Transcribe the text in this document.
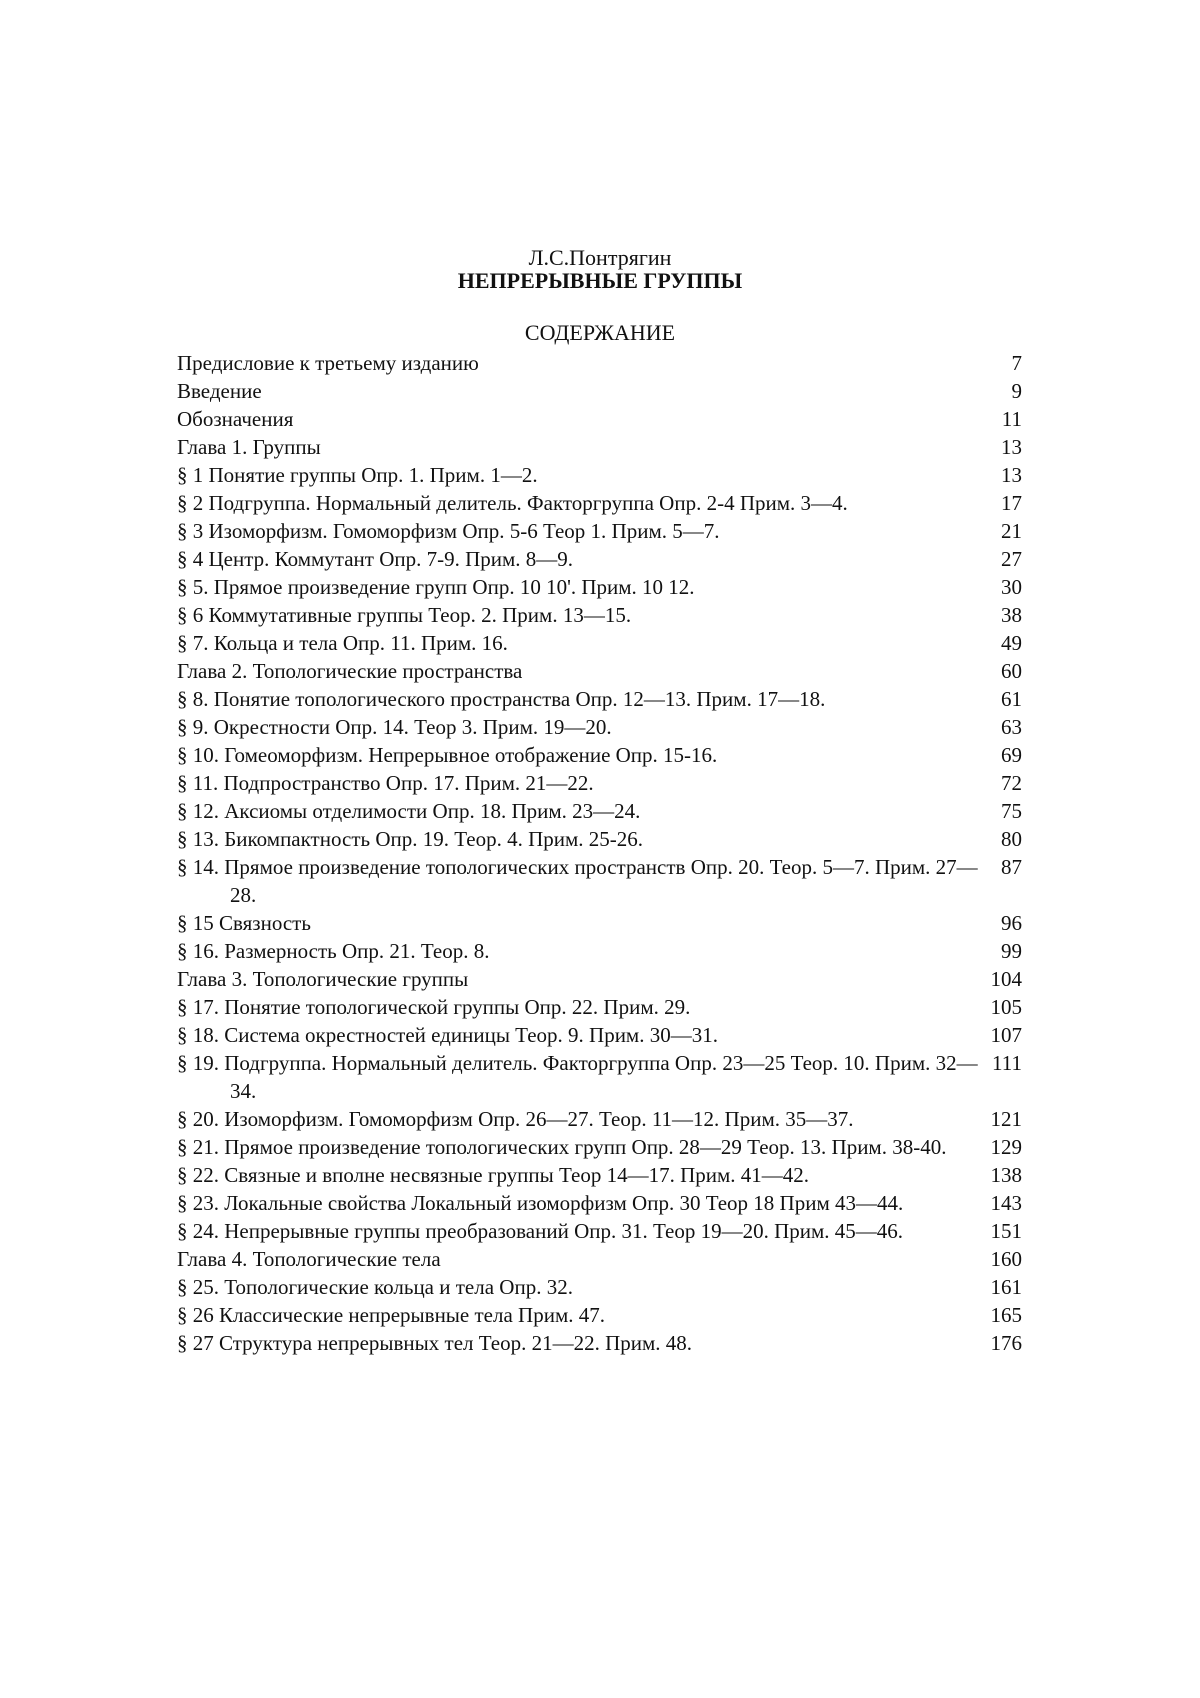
Л.С.Понтрягин
НЕПРЕРЫВНЫЕ ГРУППЫ
СОДЕРЖАНИЕ
Предисловие к третьему изданию	7
Введение	9
Обозначения	11
Глава 1. Группы	13
§ 1 Понятие группы Опр. 1. Прим. 1—2.	13
§ 2 Подгруппа. Нормальный делитель. Факторгруппа Опр. 2-4 Прим. 3—4.	17
§ 3 Изоморфизм. Гомоморфизм Опр. 5-6 Теор 1. Прим. 5—7.	21
§ 4 Центр. Коммутант Опр. 7-9. Прим. 8—9.	27
§ 5. Прямое произведение групп Опр. 10 10'. Прим. 10 12.	30
§ 6 Коммутативные группы Теор. 2. Прим. 13—15.	38
§ 7. Кольца и тела Опр. 11. Прим. 16.	49
Глава 2. Топологические пространства	60
§ 8. Понятие топологического пространства Опр. 12—13. Прим. 17—18.	61
§ 9. Окрестности Опр. 14. Теор 3. Прим. 19—20.	63
§ 10. Гомеоморфизм. Непрерывное отображение Опр. 15-16.	69
§ 11. Подпространство Опр. 17. Прим. 21—22.	72
§ 12. Аксиомы отделимости Опр. 18. Прим. 23—24.	75
§ 13. Бикомпактность Опр. 19. Теор. 4. Прим. 25-26.	80
§ 14. Прямое произведение топологических пространств Опр. 20. Теор. 5—7. Прим. 27—28.
87
§ 15 Связность	96
§ 16. Размерность Опр. 21. Теор. 8.	99
Глава 3. Топологические группы	104
§ 17. Понятие топологической группы Опр. 22. Прим. 29.	105
§ 18. Система окрестностей единицы Теор. 9. Прим. 30—31.	107
§ 19. Подгруппа. Нормальный делитель. Факторгруппа Опр. 23—25 Теор. 10. Прим. 32—34.
111
§ 20. Изоморфизм. Гомоморфизм Опр. 26—27. Теор. 11—12. Прим. 35—37.	121
§ 21. Прямое произведение топологических групп Опр. 28—29 Теор. 13. Прим. 38-40.	129
§ 22. Связные и вполне несвязные группы Теор 14—17. Прим. 41—42.	138
§ 23. Локальные свойства Локальный изоморфизм Опр. 30 Теор 18 Прим 43—44.	143
§ 24. Непрерывные группы преобразований Опр. 31. Теор 19—20. Прим. 45—46.	151
Глава 4. Топологические тела	160
§ 25. Топологические кольца и тела Опр. 32.	161
§ 26 Классические непрерывные тела Прим. 47.	165
§ 27 Структура непрерывных тел Теор. 21—22. Прим. 48.	176
